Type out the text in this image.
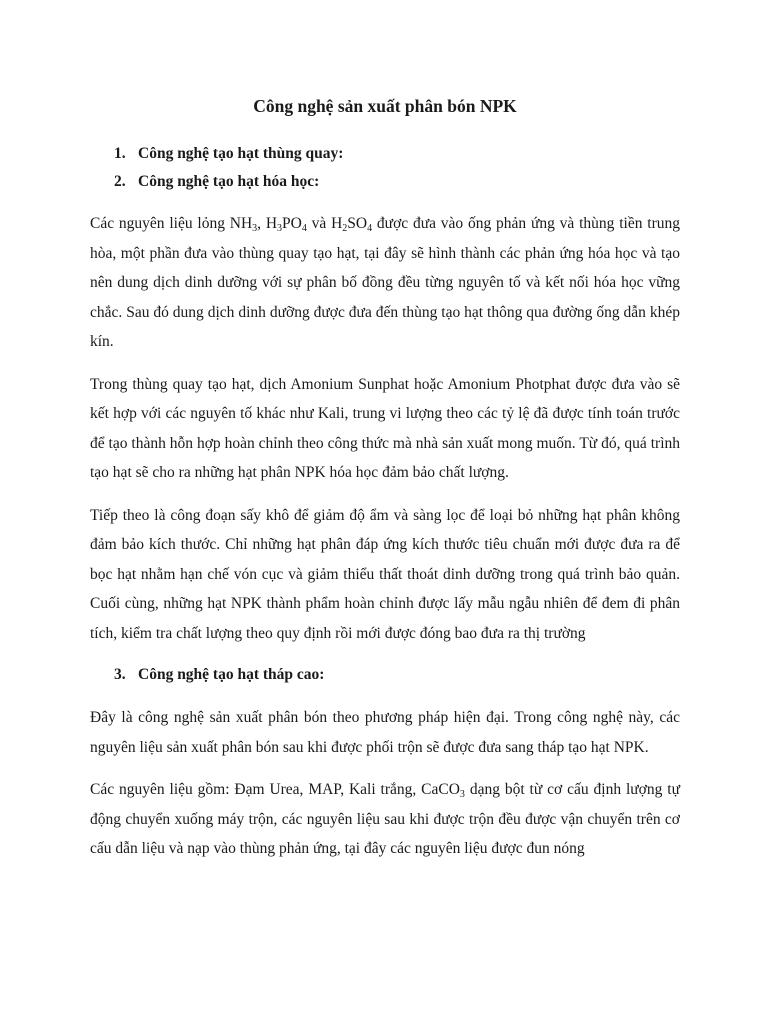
Công nghệ sản xuất phân bón NPK
1. Công nghệ tạo hạt thùng quay:
2. Công nghệ tạo hạt hóa học:

Các nguyên liệu lỏng $NH_3$, $H_3PO_4$ và $H_2SO_4$ được đưa vào ống phản ứng và thùng tiền trung hòa, một phần đưa vào thùng quay tạo hạt, tại đây sẽ hình thành các phản ứng hóa học và tạo nên dung dịch dinh dưỡng với sự phân bố đồng đều từng nguyên tố và kết nối hóa học vững chắc. Sau đó dung dịch dinh dưỡng được đưa đến thùng tạo hạt thông qua đường ống dẫn khép kín.

Trong thùng quay tạo hạt, dịch Amonium Sunphat hoặc Amonium Photphat được đưa vào sẽ kết hợp với các nguyên tố khác như Kali, trung vi lượng theo các tỷ lệ đã được tính toán trước để tạo thành hỗn hợp hoàn chỉnh theo công thức mà nhà sản xuất mong muốn. Từ đó, quá trình tạo hạt sẽ cho ra những hạt phân NPK hóa học đảm bảo chất lượng.

Tiếp theo là công đoạn sấy khô để giảm độ ẩm và sàng lọc để loại bỏ những hạt phân không đảm bảo kích thước. Chỉ những hạt phân đáp ứng kích thước tiêu chuẩn mới được đưa ra để bọc hạt nhằm hạn chế vón cục và giảm thiểu thất thoát dinh dưỡng trong quá trình bảo quản. Cuối cùng, những hạt NPK thành phẩm hoàn chỉnh được lấy mẫu ngẫu nhiên để đem đi phân tích, kiểm tra chất lượng theo quy định rồi mới được đóng bao đưa ra thị trường

3. Công nghệ tạo hạt tháp cao:

Đây là công nghệ sản xuất phân bón theo phương pháp hiện đại. Trong công nghệ này, các nguyên liệu sản xuất phân bón sau khi được phối trộn sẽ được đưa sang tháp tạo hạt NPK.

Các nguyên liệu gồm: Đạm Urea, MAP, Kali trắng, CaCO$_3$ dạng bột từ cơ cấu định lượng tự động chuyển xuống máy trộn, các nguyên liệu sau khi được trộn đều được vận chuyển trên cơ cấu dẫn liệu và nạp vào thùng phản ứng, tại đây các nguyên liệu được đun nóng
